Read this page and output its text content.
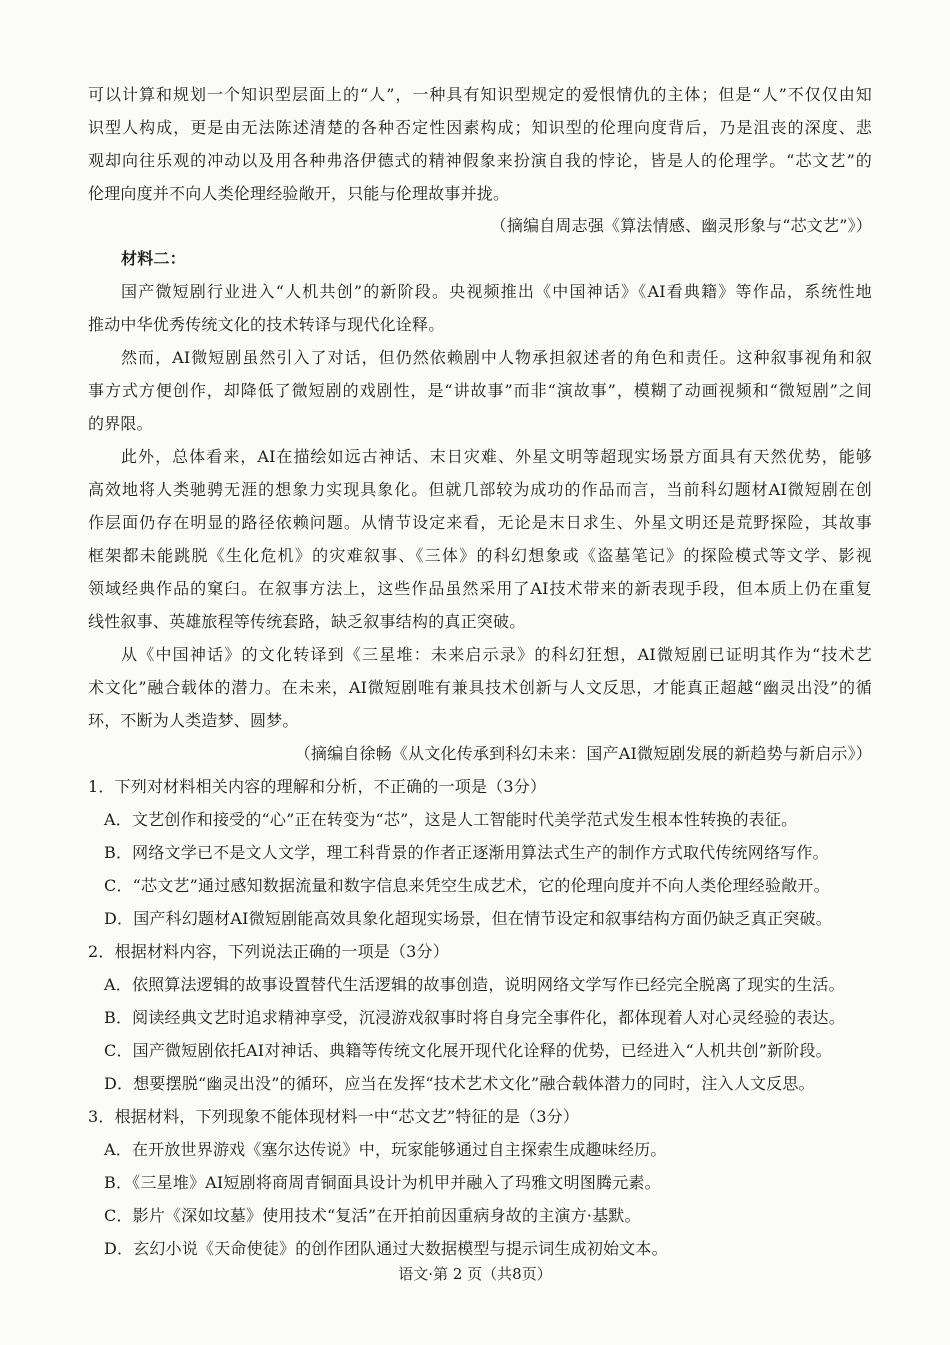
可以计算和规划一个知识型层面上的“人”，一种具有知识型规定的爱恨情仇的主体；但是“人”不仅仅由知
识型人构成，更是由无法陈述清楚的各种否定性因素构成；知识型的伦理向度背后，乃是沮丧的深度、悲
观却向往乐观的冲动以及用各种弗洛伊德式的精神假象来扮演自我的悖论，皆是人的伦理学。“芯文艺”的
伦理向度并不向人类伦理经验敞开，只能与伦理故事并拢。
（摘编自周志强《算法情感、幽灵形象与“芯文艺”》）
材料二：
国产微短剧行业进入“人机共创”的新阶段。央视频推出《中国神话》《AI看典籍》等作品，系统性地
推动中华优秀传统文化的技术转译与现代化诠释。
然而，AI微短剧虽然引入了对话，但仍然依赖剧中人物承担叙述者的角色和责任。这种叙事视角和叙
事方式方便创作，却降低了微短剧的戏剧性，是“讲故事”而非“演故事”，模糊了动画视频和“微短剧”之间
的界限。
此外，总体看来，AI在描绘如远古神话、末日灾难、外星文明等超现实场景方面具有天然优势，能够
高效地将人类驰骋无涯的想象力实现具象化。但就几部较为成功的作品而言，当前科幻题材AI微短剧在创
作层面仍存在明显的路径依赖问题。从情节设定来看，无论是末日求生、外星文明还是荒野探险，其故事
框架都未能跳脱《生化危机》的灾难叙事、《三体》的科幻想象或《盗墓笔记》的探险模式等文学、影视
领域经典作品的窠臼。在叙事方法上，这些作品虽然采用了AI技术带来的新表现手段，但本质上仍在重复
线性叙事、英雄旅程等传统套路，缺乏叙事结构的真正突破。
从《中国神话》的文化转译到《三星堆：未来启示录》的科幻狂想，AI微短剧已证明其作为“技术艺
术文化”融合载体的潜力。在未来，AI微短剧唯有兼具技术创新与人文反思，才能真正超越“幽灵出没”的循
环，不断为人类造梦、圆梦。
（摘编自徐畅《从文化传承到科幻未来：国产AI微短剧发展的新趋势与新启示》）
1．下列对材料相关内容的理解和分析，不正确的一项是（3分）
A．文艺创作和接受的“心”正在转变为“芯”，这是人工智能时代美学范式发生根本性转换的表征。
B．网络文学已不是文人文学，理工科背景的作者正逐渐用算法式生产的制作方式取代传统网络写作。
C．“芯文艺”通过感知数据流量和数字信息来凭空生成艺术，它的伦理向度并不向人类伦理经验敞开。
D．国产科幻题材AI微短剧能高效具象化超现实场景，但在情节设定和叙事结构方面仍缺乏真正突破。
2．根据材料内容，下列说法正确的一项是（3分）
A．依照算法逻辑的故事设置替代生活逻辑的故事创造，说明网络文学写作已经完全脱离了现实的生活。
B．阅读经典文艺时追求精神享受，沉浸游戏叙事时将自身完全事件化，都体现着人对心灵经验的表达。
C．国产微短剧依托AI对神话、典籍等传统文化展开现代化诠释的优势，已经进入“人机共创”新阶段。
D．想要摆脱“幽灵出没”的循环，应当在发挥“技术艺术文化”融合载体潜力的同时，注入人文反思。
3．根据材料，下列现象不能体现材料一中“芯文艺”特征的是（3分）
A．在开放世界游戏《塞尔达传说》中，玩家能够通过自主探索生成趣味经历。
B．《三星堆》AI短剧将商周青铜面具设计为机甲并融入了玛雅文明图腾元素。
C．影片《深如坟墓》使用技术“复活”在开拍前因重病身故的主演方·基默。
D．玄幻小说《天命使徒》的创作团队通过大数据模型与提示词生成初始文本。
语文·第 2 页（共8页）
